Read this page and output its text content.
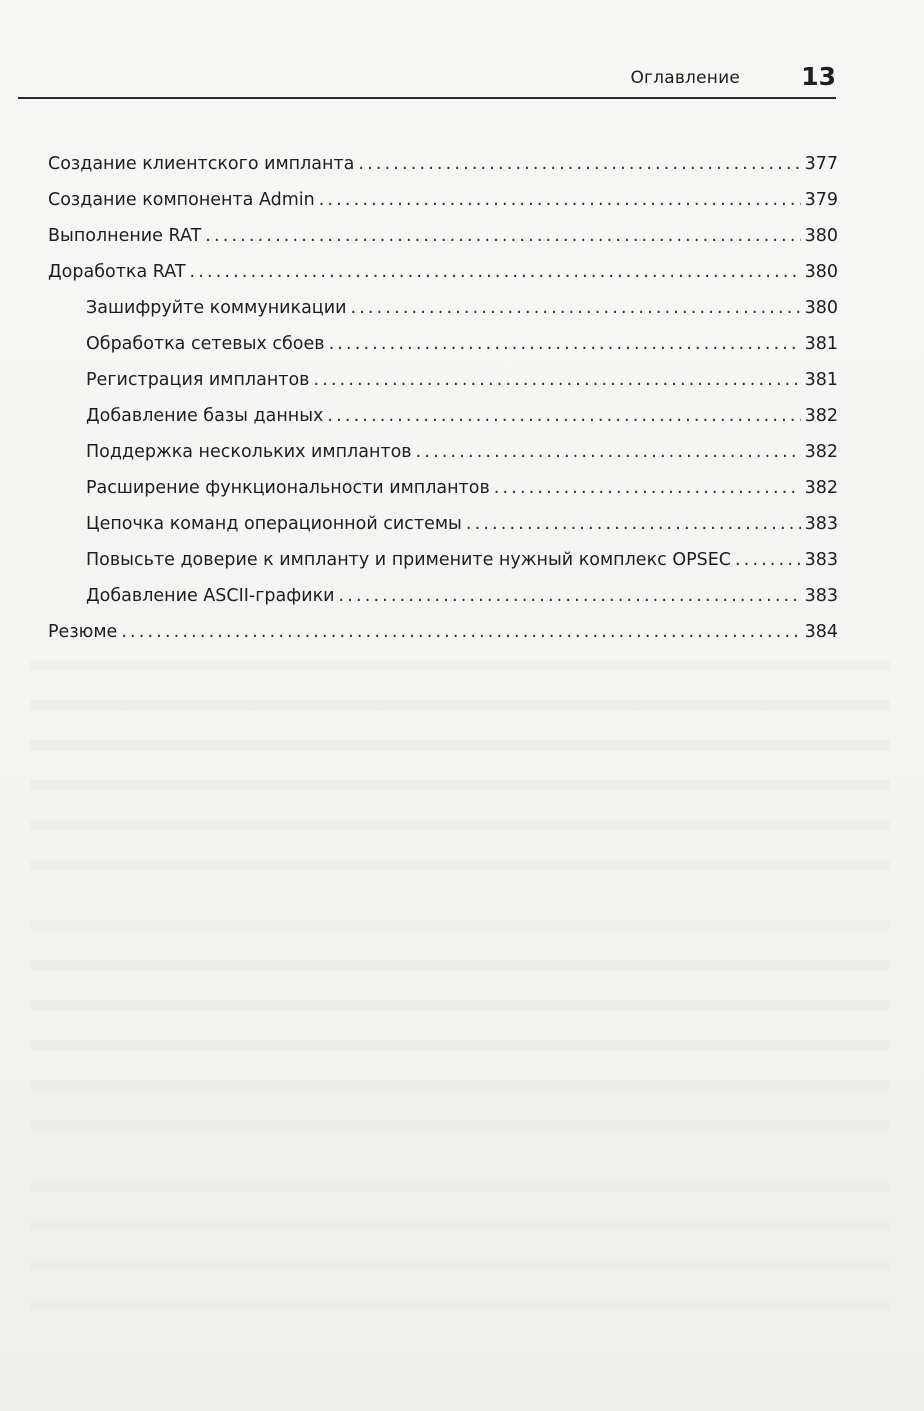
Оглавление 13
Создание клиентского импланта . . .	377
Создание компонента Admin . . .	379
Выполнение RAT . . .	380
Доработка RAT . . .	380
Зашифруйте коммуникации . . .	380
Обработка сетевых сбоев . . .	381
Регистрация имплантов . . .	381
Добавление базы данных . . .	382
Поддержка нескольких имплантов . . .	382
Расширение функциональности имплантов . . .	382
Цепочка команд операционной системы . . .	383
Повысьте доверие к импланту и примените нужный комплекс OPSEC . . .	383
Добавление ASCII-графики . . .	383
Резюме . . .	384
